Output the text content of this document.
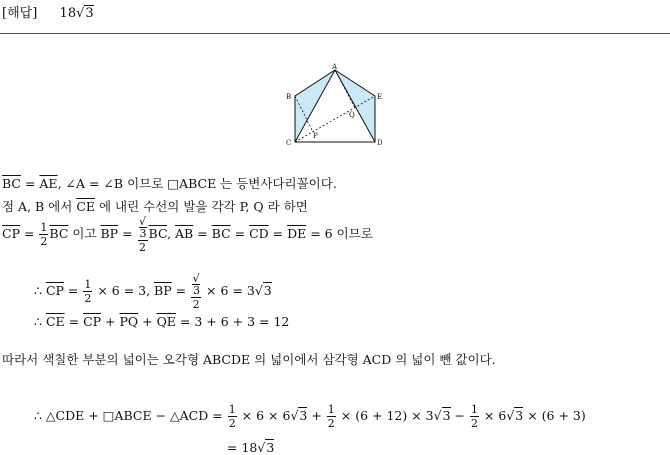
[해답] 18√3
A
B
C	D
E
P
Q
$\overline{BC} = \overline{AE}$, ∠A = ∠B 이므로 □ABCE 는 등변사다리꼴이다.
점 A, B 에서 $\overline{CE}$ 에 내린 수선의 발을 각각 P, Q 라 하면
$\overline{CP} = \frac{1}{2} \overline{BC}$ 이고 $\overline{BP}$ = √
3
2 $\overline{BC}$, $\overline{AB} = \overline{BC} = \overline{CD} = \overline{DE} = 6$ 이므로
∴ $\overline{CP} = \frac{1}{2} \times 6 = 3$, $\overline{BP}$ = √
3
2 × 6 = 3√3
∴ $\overline{CE} = \overline{CP} + \overline{PQ} + \overline{QE} = 3 + 6 + 3 = 12$
따라서 색칠한 부분의 넓이는 오각형 ABCDE 의 넓이에서 삼각형 ACD 의 넓이 뺀 값이다.
∴ △CDE + □ABCE − △ACD = $\frac{1}{2} \times 6 \times 6√3 + \frac{1}{2} \times (6 + 12) \times 3√3 - \frac{1}{2} \times 6√3 \times (6 + 3)$
= 18√3
